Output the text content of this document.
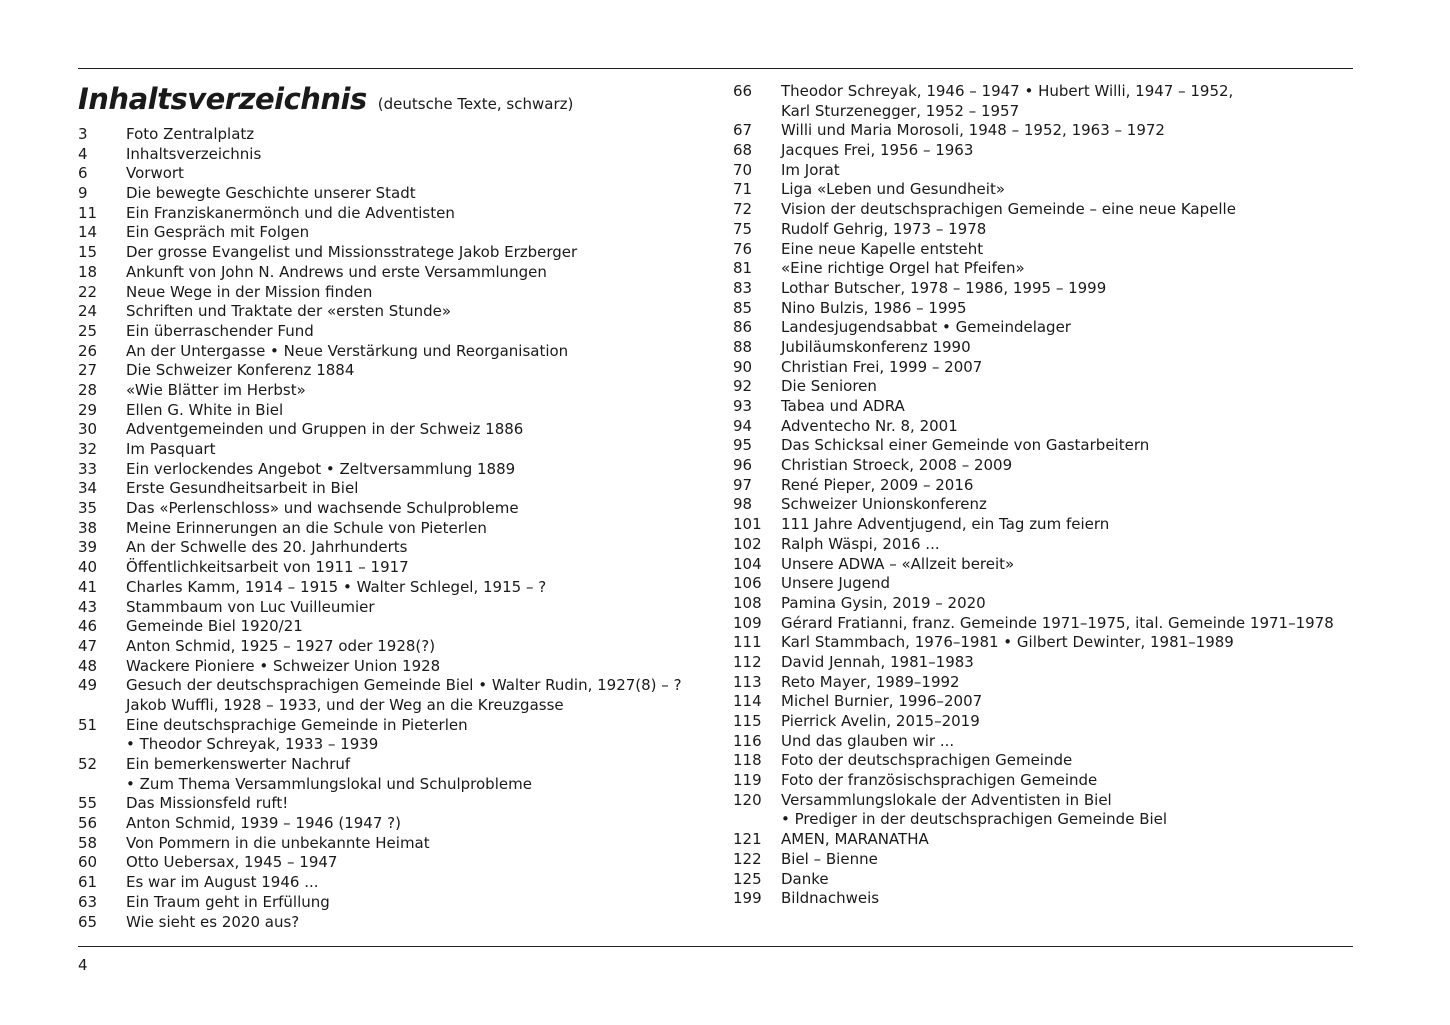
Inhaltsverzeichnis (deutsche Texte, schwarz)
3	Foto Zentralplatz
4	Inhaltsverzeichnis
6	Vorwort
9	Die bewegte Geschichte unserer Stadt
11	Ein Franziskanermönch und die Adventisten
14	Ein Gespräch mit Folgen
15	Der grosse Evangelist und Missionsstratege Jakob Erzberger
18	Ankunft von John N. Andrews und erste Versammlungen
22	Neue Wege in der Mission finden
24	Schriften und Traktate der «ersten Stunde»
25	Ein überraschender Fund
26	An der Untergasse • Neue Verstärkung und Reorganisation
27	Die Schweizer Konferenz 1884
28	«Wie Blätter im Herbst»
29	Ellen G. White in Biel
30	Adventgemeinden und Gruppen in der Schweiz 1886
32	Im Pasquart
33	Ein verlockendes Angebot • Zeltversammlung 1889
34	Erste Gesundheitsarbeit in Biel
35	Das «Perlenschloss» und wachsende Schulprobleme
38	Meine Erinnerungen an die Schule von Pieterlen
39	An der Schwelle des 20. Jahrhunderts
40	Öffentlichkeitsarbeit von 1911 – 1917
41	Charles Kamm, 1914 – 1915 • Walter Schlegel, 1915 – ?
43	Stammbaum von Luc Vuilleumier
46	Gemeinde Biel 1920/21
47	Anton Schmid, 1925 – 1927 oder 1928(?)
48	Wackere Pioniere • Schweizer Union 1928
49	Gesuch der deutschsprachigen Gemeinde Biel • Walter Rudin, 1927(8) – ?
Jakob Wuffli, 1928 – 1933, und der Weg an die Kreuzgasse
51	Eine deutschsprachige Gemeinde in Pieterlen
• Theodor Schreyak, 1933 – 1939
52	Ein bemerkenswerter Nachruf
• Zum Thema Versammlungslokal und Schulprobleme
55	Das Missionsfeld ruft!
56	Anton Schmid, 1939 – 1946 (1947 ?)
58	Von Pommern in die unbekannte Heimat
60	Otto Uebersax, 1945 – 1947
61	Es war im August 1946 ...
63	Ein Traum geht in Erfüllung
65	Wie sieht es 2020 aus?
66	Theodor Schreyak, 1946 – 1947 • Hubert Willi, 1947 – 1952,
Karl Sturzenegger, 1952 – 1957
67	Willi und Maria Morosoli, 1948 – 1952, 1963 – 1972
68	Jacques Frei, 1956 – 1963
70	Im Jorat
71	Liga «Leben und Gesundheit»
72	Vision der deutschsprachigen Gemeinde – eine neue Kapelle
75	Rudolf Gehrig, 1973 – 1978
76	Eine neue Kapelle entsteht
81	«Eine richtige Orgel hat Pfeifen»
83	Lothar Butscher, 1978 – 1986, 1995 – 1999
85	Nino Bulzis, 1986 – 1995
86	Landesjugendsabbat • Gemeindelager
88	Jubiläumskonferenz 1990
90	Christian Frei, 1999 – 2007
92	Die Senioren
93	Tabea und ADRA
94	Adventecho Nr. 8, 2001
95	Das Schicksal einer Gemeinde von Gastarbeitern
96	Christian Stroeck, 2008 – 2009
97	René Pieper, 2009 – 2016
98	Schweizer Unionskonferenz
101	111 Jahre Adventjugend, ein Tag zum feiern
102	Ralph Wäspi, 2016 ...
104	Unsere ADWA – «Allzeit bereit»
106	Unsere Jugend
108	Pamina Gysin, 2019 – 2020
109	Gérard Fratianni, franz. Gemeinde 1971–1975, ital. Gemeinde 1971–1978
111	Karl Stammbach, 1976–1981 • Gilbert Dewinter, 1981–1989
112	David Jennah, 1981–1983
113	Reto Mayer, 1989–1992
114	Michel Burnier, 1996–2007
115	Pierrick Avelin, 2015–2019
116	Und das glauben wir ...
118	Foto der deutschsprachigen Gemeinde
119	Foto der französischsprachigen Gemeinde
120	Versammlungslokale der Adventisten in Biel
• Prediger in der deutschsprachigen Gemeinde Biel
121	AMEN, MARANATHA
122	Biel – Bienne
125	Danke
199	Bildnachweis
4
